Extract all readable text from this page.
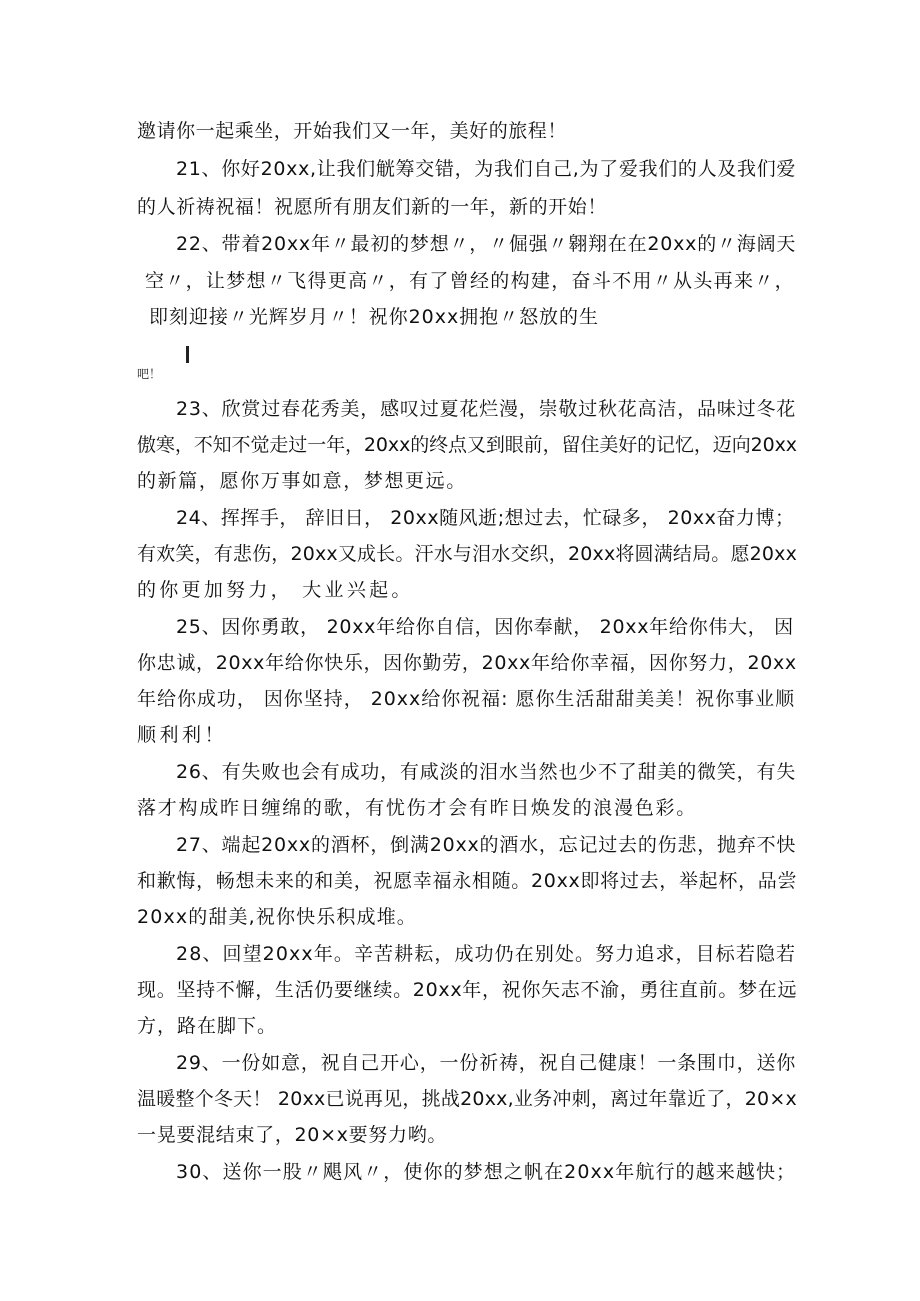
邀请你一起乘坐，开始我们又一年，美好的旅程！
21、你好20xx,让我们觥筹交错，为我们自己,为了爱我们的人及我们爱
的人祈祷祝福！祝愿所有朋友们新的一年，新的开始！
22、带着20xx年〃最初的梦想〃，〃倔强〃翱翔在在20xx的〃海阔天
空〃，让梦想〃飞得更高〃，有了曾经的构建，奋斗不用〃从头再来〃，
即刻迎接〃光辉岁月〃！祝你20xx拥抱〃怒放的生
吧！
23、欣赏过春花秀美，感叹过夏花烂漫，崇敬过秋花高洁，品味过冬花
傲寒，不知不觉走过一年，20xx的终点又到眼前，留住美好的记忆，迈向20xx
的新篇，愿你万事如意，梦想更远。
24、挥挥手， 辞旧日， 20xx随风逝;想过去，忙碌多， 20xx奋力博；
有欢笑，有悲伤，20xx又成长。汗水与泪水交织，20xx将圆满结局。愿20xx
的你更加努力， 大业兴起。
25、因你勇敢， 20xx年给你自信，因你奉献， 20xx年给你伟大， 因
你忠诚，20xx年给你快乐，因你勤劳，20xx年给你幸福，因你努力，20xx
年给你成功， 因你坚持， 20xx给你祝福: 愿你生活甜甜美美！祝你事业顺
顺利利！
26、有失败也会有成功，有咸淡的泪水当然也少不了甜美的微笑，有失
落才构成昨日缠绵的歌，有忧伤才会有昨日焕发的浪漫色彩。
27、端起20xx的酒杯，倒满20xx的酒水，忘记过去的伤悲，抛弃不快
和歉悔，畅想未来的和美，祝愿幸福永相随。20xx即将过去，举起杯，品尝
20xx的甜美,祝你快乐积成堆。
28、回望20xx年。辛苦耕耘，成功仍在别处。努力追求，目标若隐若
现。坚持不懈，生活仍要继续。20xx年，祝你矢志不渝，勇往直前。梦在远
方，路在脚下。
29、一份如意，祝自己开心，一份祈祷，祝自己健康！一条围巾，送你
温暖整个冬天！ 20xx已说再见，挑战20xx,业务冲刺，离过年靠近了，20×x
一晃要混结束了，20×x要努力哟。
30、送你一股〃飓风〃，使你的梦想之帆在20xx年航行的越来越快；
